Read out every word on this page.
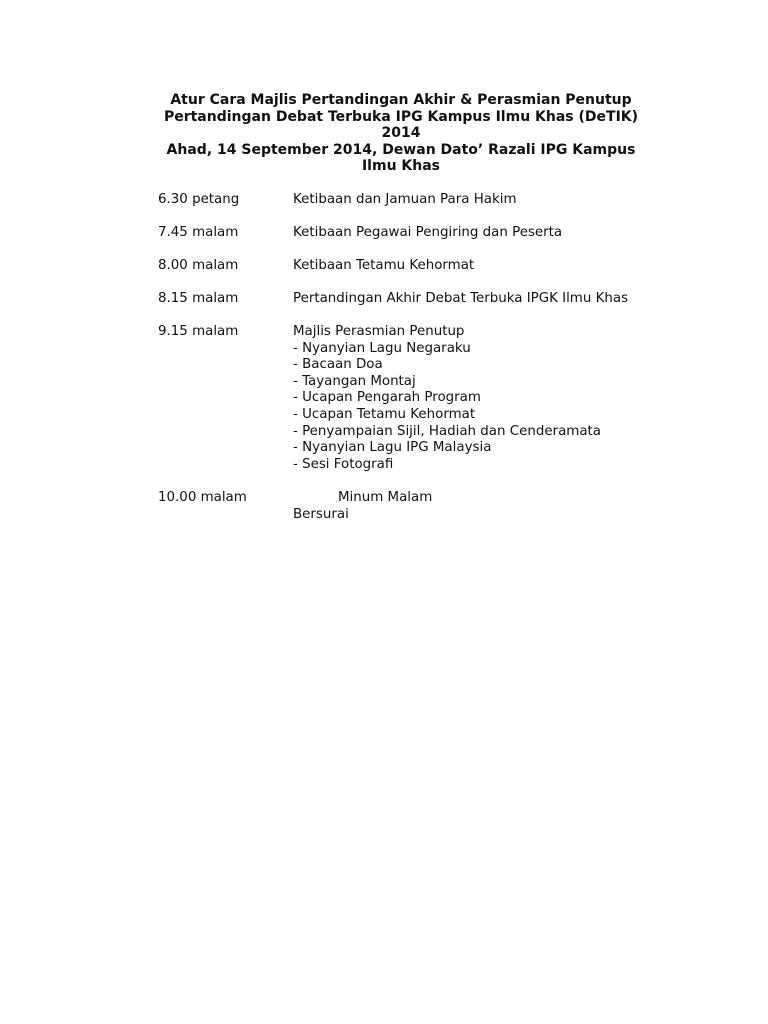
Atur Cara Majlis Pertandingan Akhir & Perasmian Penutup
Pertandingan Debat Terbuka IPG Kampus Ilmu Khas (DeTIK)
2014
Ahad, 14 September 2014, Dewan Dato’ Razali IPG Kampus
Ilmu Khas
6.30 petang	Ketibaan dan Jamuan Para Hakim
7.45 malam	Ketibaan Pegawai Pengiring dan Peserta
8.00 malam	Ketibaan Tetamu Kehormat
8.15 malam	Pertandingan Akhir Debat Terbuka IPGK Ilmu Khas
9.15 malam	Majlis Perasmian Penutup
- Nyanyian Lagu Negaraku
- Bacaan Doa
- Tayangan Montaj
- Ucapan Pengarah Program
- Ucapan Tetamu Kehormat
- Penyampaian Sijil, Hadiah dan Cenderamata
- Nyanyian Lagu IPG Malaysia
- Sesi Fotografi
10.00 malam	Minum Malam
Bersurai
